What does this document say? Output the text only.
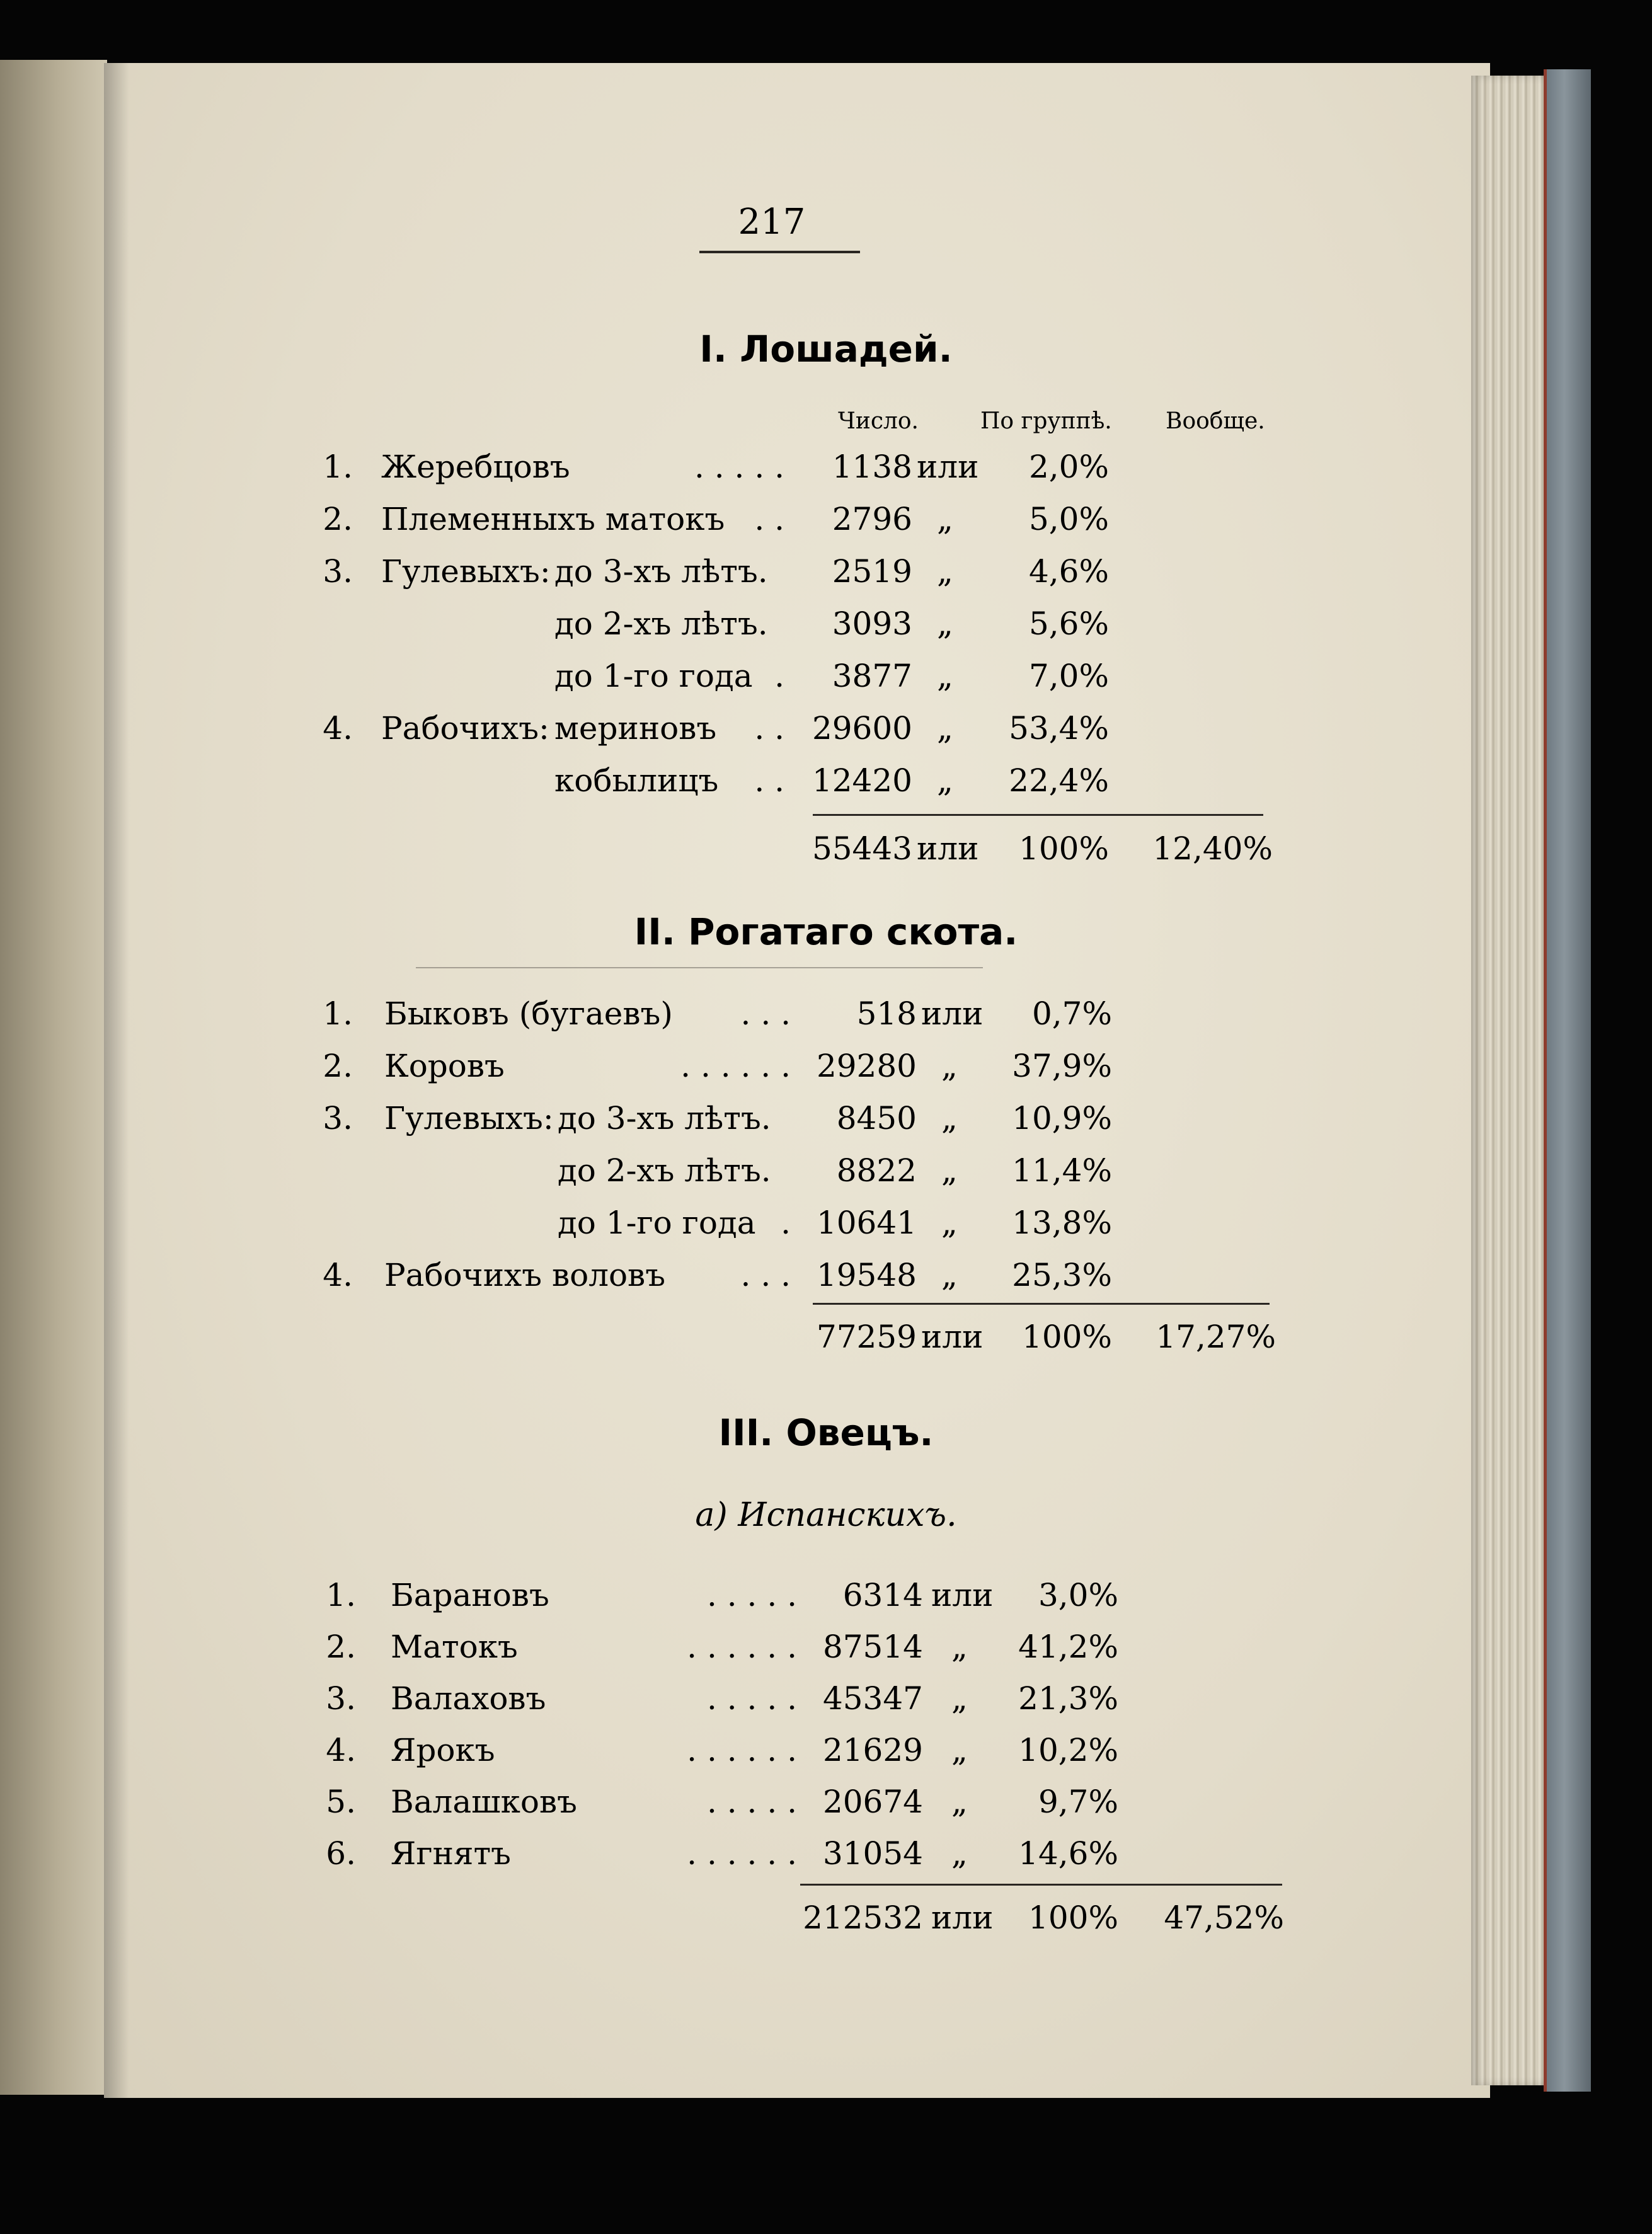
217
I. Лошадей.
Число.	По группѣ. Вообще.
1. Жеребцовъ	1138 или 2,0%
. . . . .
2. Племенныхъ матокъ	2796 „	5,0%
. .
3. Гулевыхъ: до 3-хъ лѣтъ. 2519 „	4,6%
до 2-хъ лѣтъ. 3093 „	5,6%
до 1-го года	3877 „	7,0%
.
4. Рабочихъ: мериновъ	29600 „	53,4%
. .
кобылицъ	12420 „	22,4%
. .
55443 или 100% 12,40%
II. Рогатаго скота.
1. Быковъ (бугаевъ)	518 или 0,7%
. . .
2. Коровъ	29280 „	37,9%
. . . . . .
3. Гулевыхъ: до 3-хъ лѣтъ. 8450 „	10,9%
до 2-хъ лѣтъ. 8822 „	11,4%
до 1-го года 10641 „	13,8%
.
4. Рабочихъ воловъ	19548 „	25,3%
. . .
77259 или 100% 17,27%
III. Овецъ.
а) Испанскихъ.
1. Барановъ	6314 или 3,0%
. . . . .
2. Матокъ	87514 „	41,2%
. . . . . .
3. Валаховъ	45347 „	21,3%
. . . . .
4. Ярокъ	21629 „	10,2%
. . . . . .
5. Валашковъ	20674 „	9,7%
. . . . .
6. Ягнятъ	31054 „	14,6%
. . . . . .
212532 или 100% 47,52%
